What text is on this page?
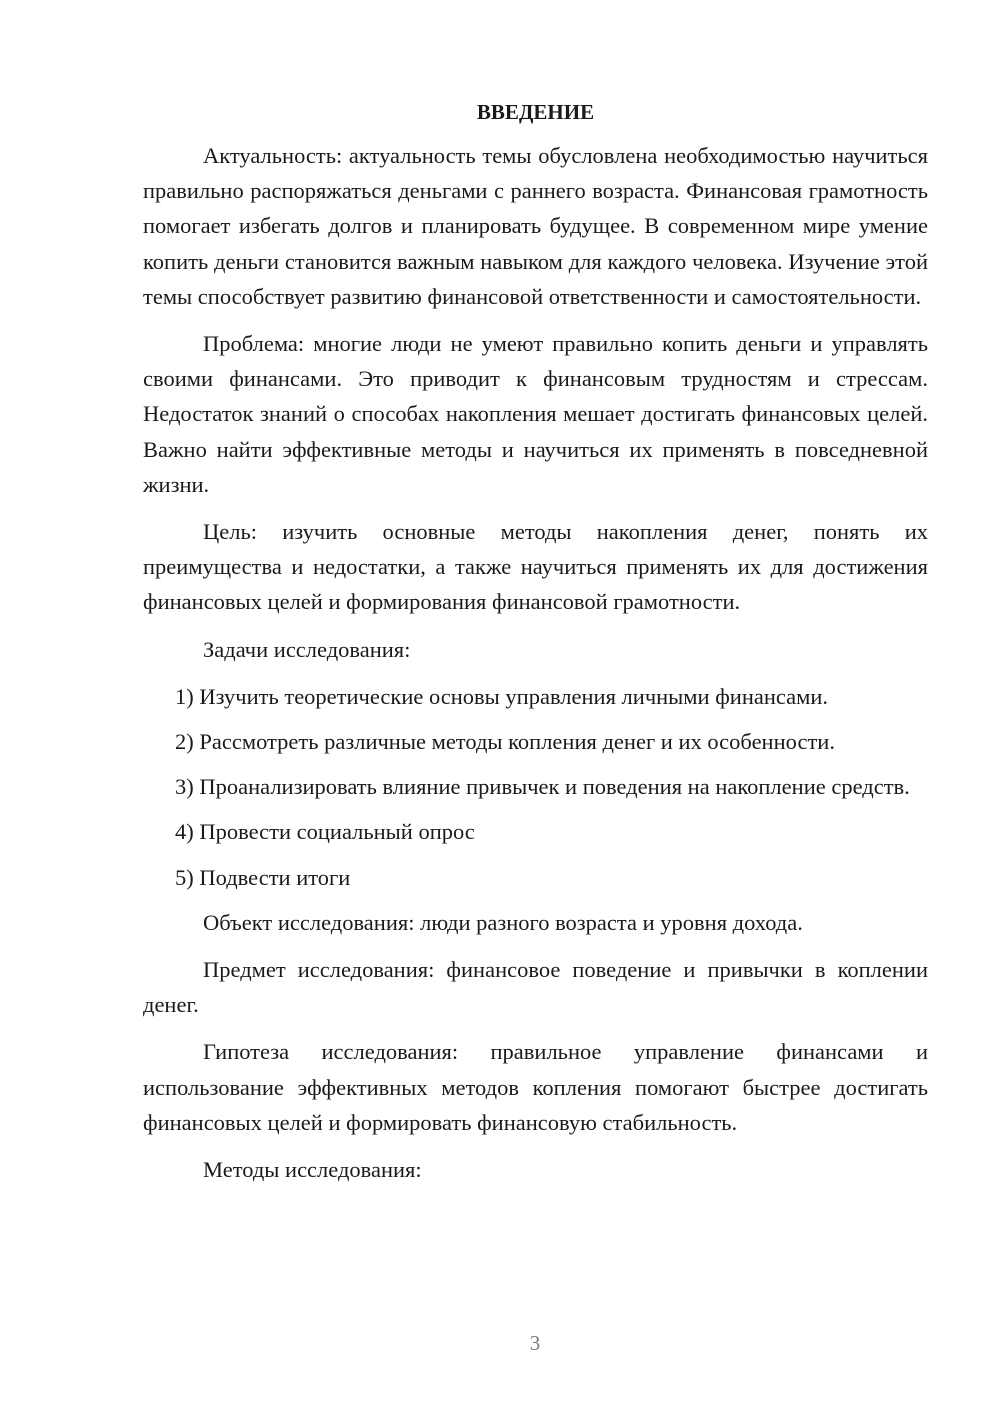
ВВЕДЕНИЕ

Актуальность: актуальность темы обусловлена необходимостью научиться правильно распоряжаться деньгами с раннего возраста. Финансовая грамотность помогает избегать долгов и планировать будущее. В современном мире умение копить деньги становится важным навыком для каждого человека. Изучение этой темы способствует развитию финансовой ответственности и самостоятельности.

Проблема: многие люди не умеют правильно копить деньги и управлять своими финансами. Это приводит к финансовым трудностям и стрессам. Недостаток знаний о способах накопления мешает достигать финансовых целей. Важно найти эффективные методы и научиться их применять в повседневной жизни.

Цель: изучить основные методы накопления денег, понять их преимущества и недостатки, а также научиться применять их для достижения финансовых целей и формирования финансовой грамотности.

Задачи исследования:

1) Изучить теоретические основы управления личными финансами.

2) Рассмотреть различные методы копления денег и их особенности.

3) Проанализировать влияние привычек и поведения на накопление средств.

4) Провести социальный опрос

5) Подвести итоги

Объект исследования: люди разного возраста и уровня дохода.

Предмет исследования: финансовое поведение и привычки в коплении денег.

Гипотеза исследования: правильное управление финансами и использование эффективных методов копления помогают быстрее достигать финансовых целей и формировать финансовую стабильность.

Методы исследования:

3
